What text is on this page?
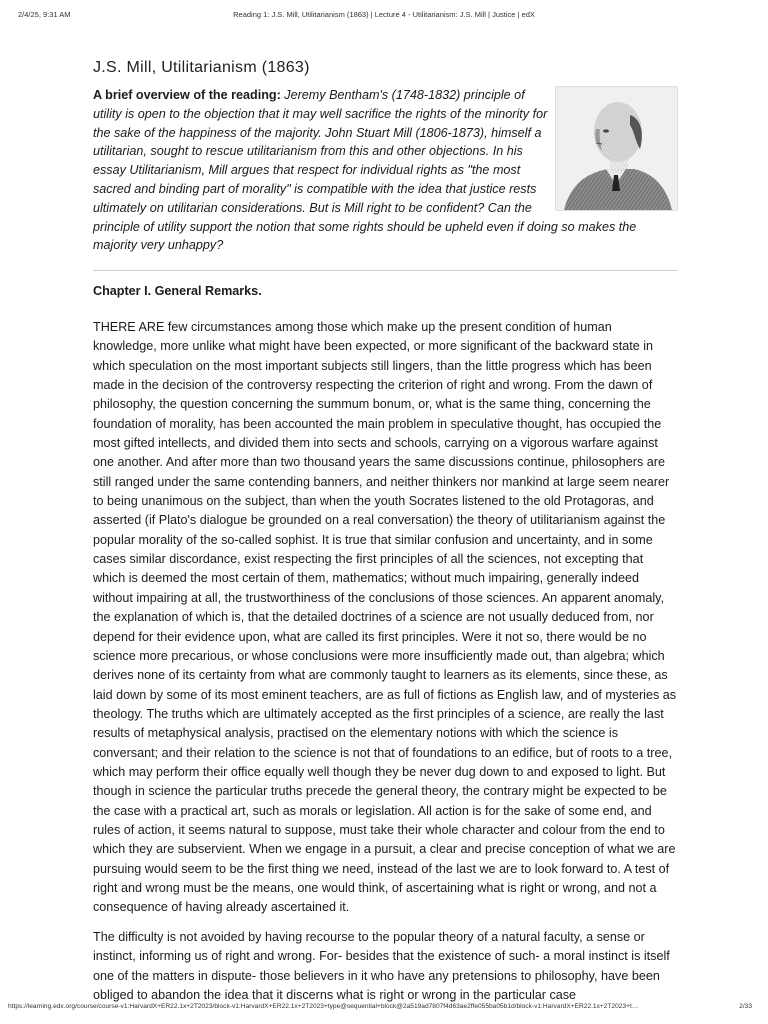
2/4/25, 9:31 AM	Reading 1: J.S. Mill, Utilitarianism (1863) | Lecture 4 - Utilitarianism: J.S. Mill | Justice | edX
J.S. Mill, Utilitarianism (1863)

A brief overview of the reading: Jeremy Bentham's (1748-1832) principle of utility is open to the objection that it may well sacrifice the rights of the minority for the sake of the happiness of the majority. John Stuart Mill (1806-1873), himself a utilitarian, sought to rescue utilitarianism from this and other objections. In his essay Utilitarianism, Mill argues that respect for individual rights as "the most sacred and binding part of morality" is compatible with the idea that justice rests ultimately on utilitarian considerations. But is Mill right to be confident? Can the principle of utility support the notion that some rights should be upheld even if doing so makes the majority very unhappy?

Chapter I. General Remarks.

THERE ARE few circumstances among those which make up the present condition of human knowledge, more unlike what might have been expected, or more significant of the backward state in which speculation on the most important subjects still lingers, than the little progress which has been made in the decision of the controversy respecting the criterion of right and wrong. From the dawn of philosophy, the question concerning the summum bonum, or, what is the same thing, concerning the foundation of morality, has been accounted the main problem in speculative thought, has occupied the most gifted intellects, and divided them into sects and schools, carrying on a vigorous warfare against one another. And after more than two thousand years the same discussions continue, philosophers are still ranged under the same contending banners, and neither thinkers nor mankind at large seem nearer to being unanimous on the subject, than when the youth Socrates listened to the old Protagoras, and asserted (if Plato's dialogue be grounded on a real conversation) the theory of utilitarianism against the popular morality of the so-called sophist. It is true that similar confusion and uncertainty, and in some cases similar discordance, exist respecting the first principles of all the sciences, not excepting that which is deemed the most certain of them, mathematics; without much impairing, generally indeed without impairing at all, the trustworthiness of the conclusions of those sciences. An apparent anomaly, the explanation of which is, that the detailed doctrines of a science are not usually deduced from, nor depend for their evidence upon, what are called its first principles. Were it not so, there would be no science more precarious, or whose conclusions were more insufficiently made out, than algebra; which derives none of its certainty from what are commonly taught to learners as its elements, since these, as laid down by some of its most eminent teachers, are as full of fictions as English law, and of mysteries as theology. The truths which are ultimately accepted as the first principles of a science, are really the last results of metaphysical analysis, practised on the elementary notions with which the science is conversant; and their relation to the science is not that of foundations to an edifice, but of roots to a tree, which may perform their office equally well though they be never dug down to and exposed to light. But though in science the particular truths precede the general theory, the contrary might be expected to be the case with a practical art, such as morals or legislation. All action is for the sake of some end, and rules of action, it seems natural to suppose, must take their whole character and colour from the end to which they are subservient. When we engage in a pursuit, a clear and precise conception of what we are pursuing would seem to be the first thing we need, instead of the last we are to look forward to. A test of right and wrong must be the means, one would think, of ascertaining what is right or wrong, and not a consequence of having already ascertained it.

The difficulty is not avoided by having recourse to the popular theory of a natural faculty, a sense or instinct, informing us of right and wrong. For- besides that the existence of such- a moral instinct is itself one of the matters in dispute- those believers in it who have any pretensions to philosophy, have been obliged to abandon the idea that it discerns what is right or wrong in the particular case

https://learning.edx.org/course/course-v1:HarvardX+ER22.1x+2T2023/block-v1:HarvardX+ER22.1x+2T2023+type@sequential+block@2a519ad7807f4d63ae2ffe055ba05b1d/block-v1:HarvardX+ER22.1x+2T2023+t…	2/33
